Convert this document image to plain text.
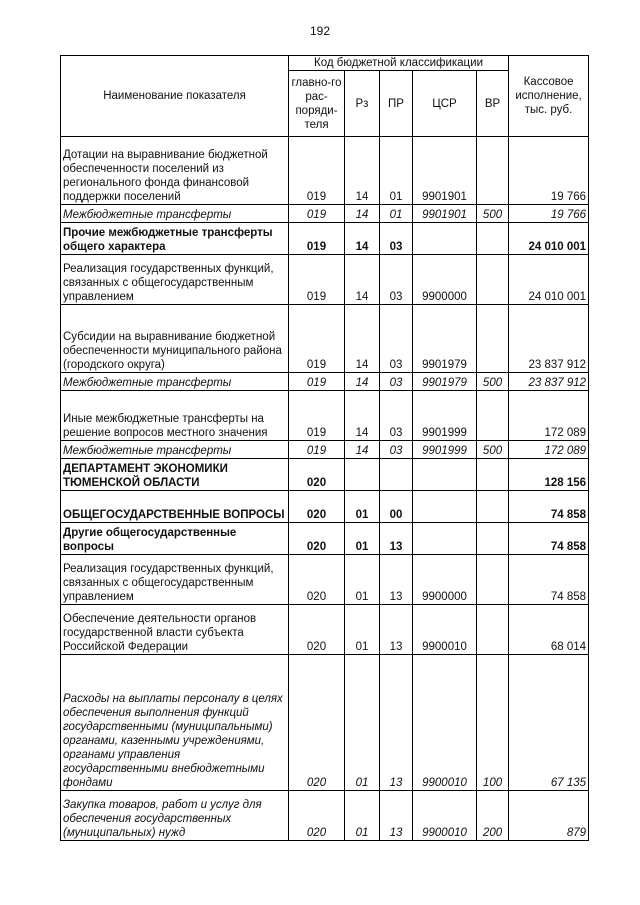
192
Наименование показателя	Код бюджетной классификации					Кассовое исполнение, тыс. руб.
	главно-го рас-поряди-теля	Рз	ПР	ЦСР	ВР	
Дотации на выравнивание бюджетной обеспеченности поселений из регионального фонда финансовой поддержки поселений	019	14	01	9901901		19 766
Межбюджетные трансферты	019	14	01	9901901	500	19 766
Прочие межбюджетные трансферты общего характера	019	14	03			24 010 001
Реализация государственных функций, связанных с общегосударственным управлением	019	14	03	9900000		24 010 001
Субсидии на выравнивание бюджетной обеспеченности муниципального района (городского округа)	019	14	03	9901979		23 837 912
Межбюджетные трансферты	019	14	03	9901979	500	23 837 912
Иные межбюджетные трансферты на решение вопросов местного значения	019	14	03	9901999		172 089
Межбюджетные трансферты	019	14	03	9901999	500	172 089
ДЕПАРТАМЕНТ ЭКОНОМИКИ ТЮМЕНСКОЙ ОБЛАСТИ	020					128 156
ОБЩЕГОСУДАРСТВЕННЫЕ ВОПРОСЫ	020	01	00			74 858
Другие общегосударственные вопросы	020	01	13			74 858
Реализация государственных функций, связанных с общегосударственным управлением	020	01	13	9900000		74 858
Обеспечение деятельности органов государственной власти субъекта Российской Федерации	020	01	13	9900010		68 014
Расходы на выплаты персоналу в целях обеспечения выполнения функций государственными (муниципальными) органами, казенными учреждениями, органами управления государственными внебюджетными фондами	020	01	13	9900010	100	67 135
Закупка товаров, работ и услуг для обеспечения государственных (муниципальных) нужд	020	01	13	9900010	200	879
